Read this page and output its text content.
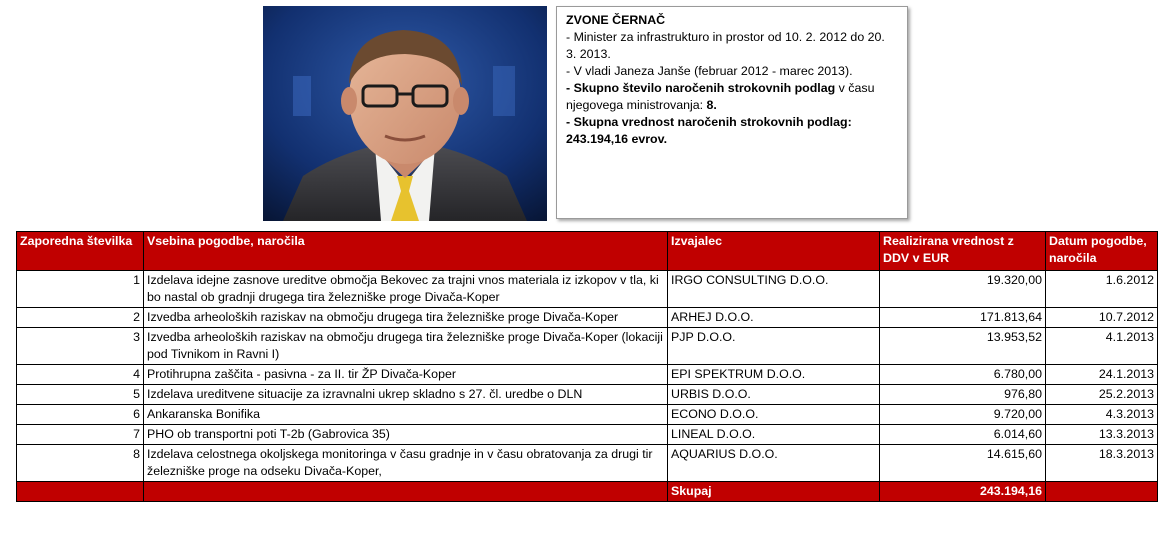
ZVONE ČERNAČ
- Minister za infrastrukturo in prostor od 10. 2. 2012 do 20. 3. 2013.
- V vladi Janeza Janše (februar 2012 - marec 2013).
- Skupno število naročenih strokovnih podlag v času njegovega ministrovanja: 8.
- Skupna vrednost naročenih strokovnih podlag: 243.194,16 evrov.
Zaporedna številka	Vsebina pogodbe, naročila	Izvajalec	Realizirana vrednost z DDV v EUR	Datum pogodbe, naročila
1	Izdelava idejne zasnove ureditve območja Bekovec za trajni vnos materiala iz izkopov v tla, ki bo nastal ob gradnji drugega tira železniške proge Divača-Koper	IRGO CONSULTING D.O.O.	19.320,00	1.6.2012
2	Izvedba arheoloških raziskav na območju drugega tira železniške proge Divača-Koper	ARHEJ D.O.O.	171.813,64	10.7.2012
3	Izvedba arheoloških raziskav na območju drugega tira železniške proge Divača-Koper (lokaciji pod Tivnikom in Ravni I)	PJP D.O.O.	13.953,52	4.1.2013
4	Protihrupna zaščita - pasivna - za II. tir ŽP Divača-Koper	EPI SPEKTRUM D.O.O.	6.780,00	24.1.2013
5	Izdelava ureditvene situacije za izravnalni ukrep skladno s 27. čl. uredbe o DLN	URBIS D.O.O.	976,80	25.2.2013
6	Ankaranska Bonifika	ECONO D.O.O.	9.720,00	4.3.2013
7	PHO ob transportni poti T-2b (Gabrovica 35)	LINEAL D.O.O.	6.014,60	13.3.2013
8	Izdelava celostnega okoljskega monitoringa v času gradnje in v času obratovanja za drugi tir železniške proge na odseku Divača-Koper,	AQUARIUS D.O.O.	14.615,60	18.3.2013
		Skupaj	243.194,16	
